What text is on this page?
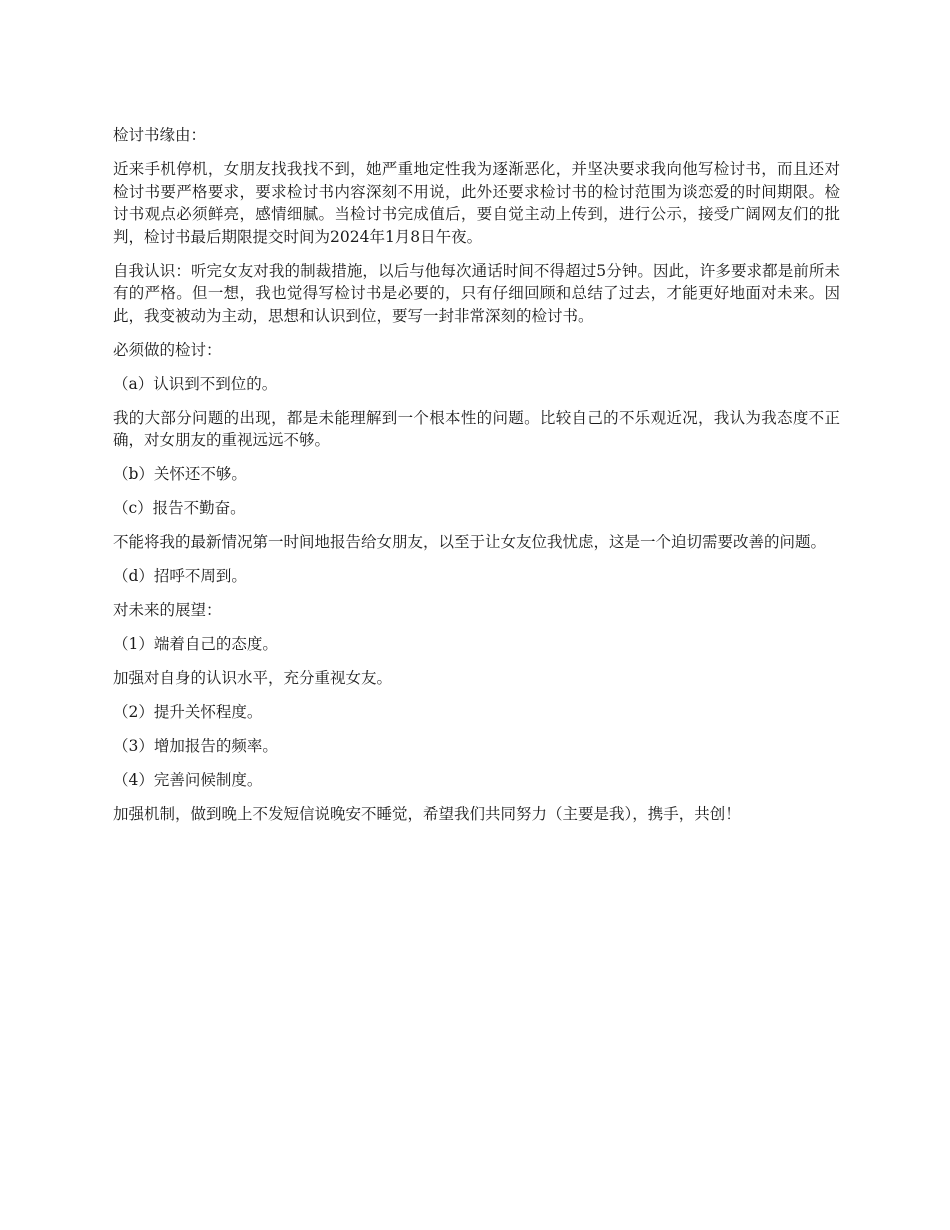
检讨书缘由：

近来手机停机，女朋友找我找不到，她严重地定性我为逐渐恶化，并坚决要求我向他写检讨书，而且还对检讨书要严格要求，要求检讨书内容深刻不用说，此外还要求检讨书的检讨范围为谈恋爱的时间期限。检讨书观点必须鲜亮，感情细腻。当检讨书完成值后，要自觉主动上传到，进行公示，接受广阔网友们的批判，检讨书最后期限提交时间为2024年1月8日午夜。

自我认识：听完女友对我的制裁措施，以后与他每次通话时间不得超过5分钟。因此，许多要求都是前所未有的严格。但一想，我也觉得写检讨书是必要的，只有仔细回顾和总结了过去，才能更好地面对未来。因此，我变被动为主动，思想和认识到位，要写一封非常深刻的检讨书。

必须做的检讨：

（a）认识到不到位的。

我的大部分问题的出现，都是未能理解到一个根本性的问题。比较自己的不乐观近况，我认为我态度不正确，对女朋友的重视远远不够。

（b）关怀还不够。

（c）报告不勤奋。

不能将我的最新情况第一时间地报告给女朋友，以至于让女友位我忧虑，这是一个迫切需要改善的问题。

（d）招呼不周到。

对未来的展望：

（1）端着自己的态度。

加强对自身的认识水平，充分重视女友。

（2）提升关怀程度。

（3）增加报告的频率。

（4）完善问候制度。

加强机制，做到晚上不发短信说晚安不睡觉，希望我们共同努力（主要是我），携手，共创！
